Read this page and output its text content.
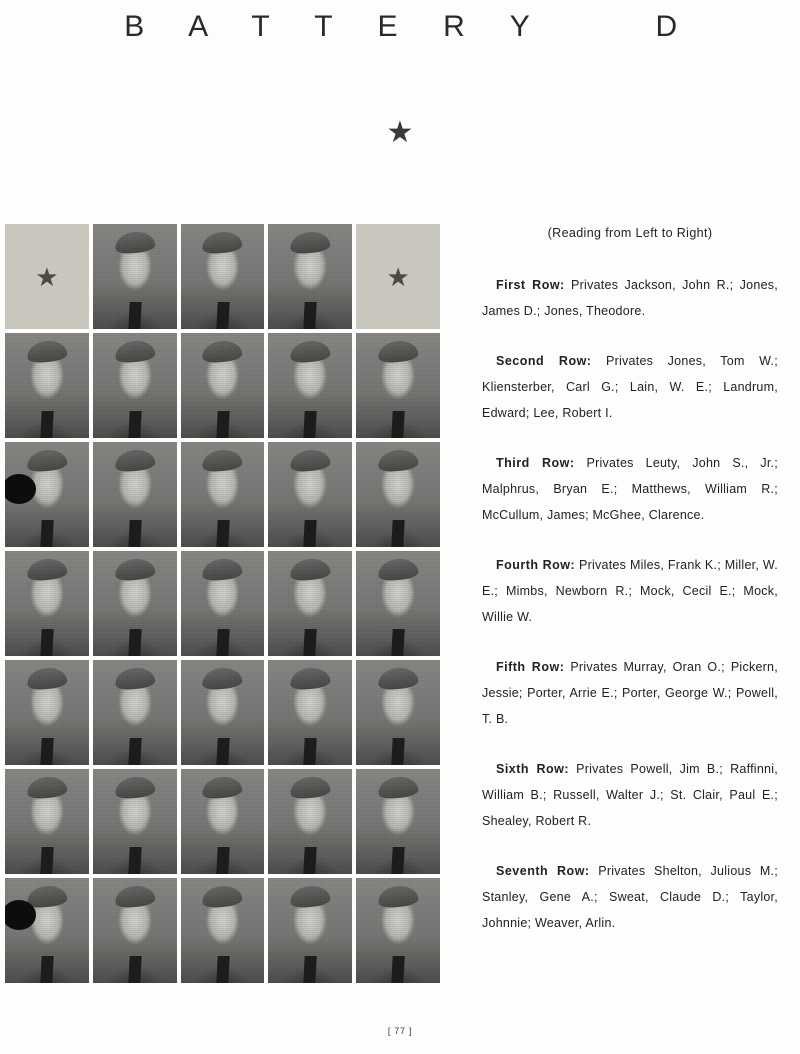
B A T T E R Y    D
★
★	★

(Reading from Left to Right)

First Row: Privates Jackson, John R.; Jones, James D.; Jones, Theodore.

Second Row: Privates Jones, Tom W.; Kliensterber, Carl G.; Lain, W. E.; Landrum, Edward; Lee, Robert I.

Third Row: Privates Leuty, John S., Jr.; Malphrus, Bryan E.; Matthews, William R.; McCullum, James; McGhee, Clarence.

Fourth Row: Privates Miles, Frank K.; Miller, W. E.; Mimbs, Newborn R.; Mock, Cecil E.; Mock, Willie W.

Fifth Row: Privates Murray, Oran O.; Pickern, Jessie; Porter, Arrie E.; Porter, George W.; Powell, T. B.

Sixth Row: Privates Powell, Jim B.; Raffinni, William B.; Russell, Walter J.; St. Clair, Paul E.; Shealey, Robert R.

Seventh Row: Privates Shelton, Julious M.; Stanley, Gene A.; Sweat, Claude D.; Taylor, Johnnie; Weaver, Arlin.

[ 77 ]
